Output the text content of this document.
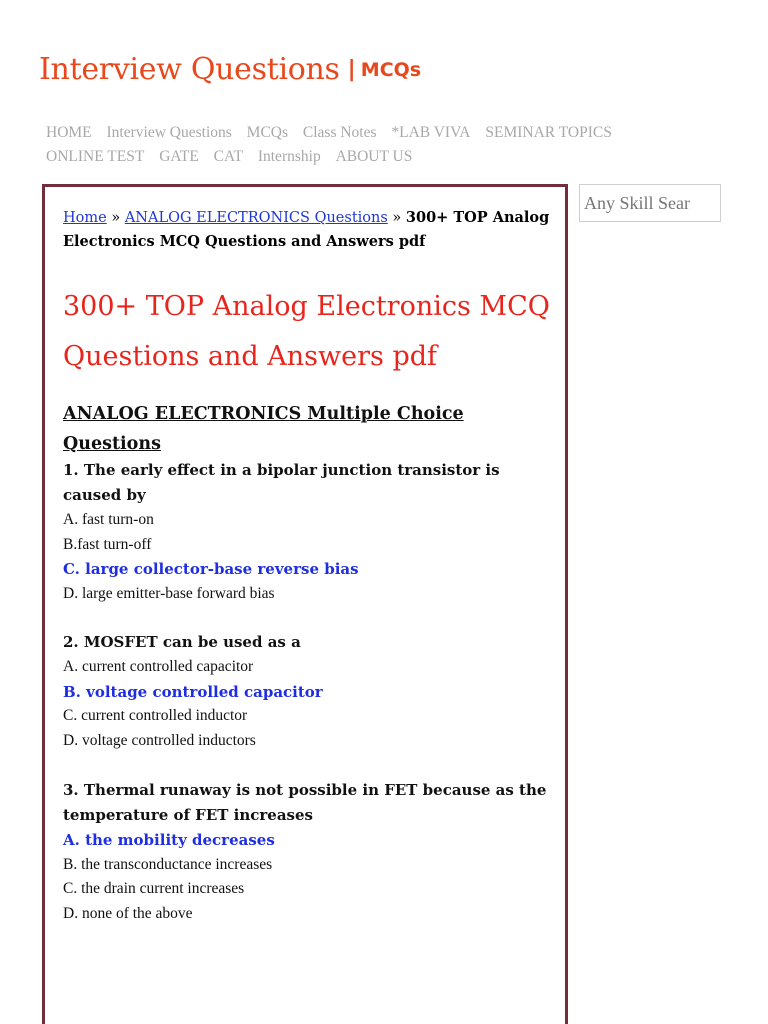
Interview Questions | MCQs
HOME Interview Questions MCQs Class Notes *LAB VIVA SEMINAR TOPICS ONLINE TEST GATE CAT Internship ABOUT US
Any Skill Sear
Home » ANALOG ELECTRONICS Questions » 300+ TOP Analog Electronics MCQ Questions and Answers pdf
300+ TOP Analog Electronics MCQ Questions and Answers pdf
ANALOG ELECTRONICS Multiple Choice Questions
1. The early effect in a bipolar junction transistor is caused by
A. fast turn-on
B.fast turn-off
C. large collector-base reverse bias
D. large emitter-base forward bias
2. MOSFET can be used as a
A. current controlled capacitor
B. voltage controlled capacitor
C. current controlled inductor
D. voltage controlled inductors
3. Thermal runaway is not possible in FET because as the temperature of FET increases
A. the mobility decreases
B. the transconductance increases
C. the drain current increases
D. none of the above
